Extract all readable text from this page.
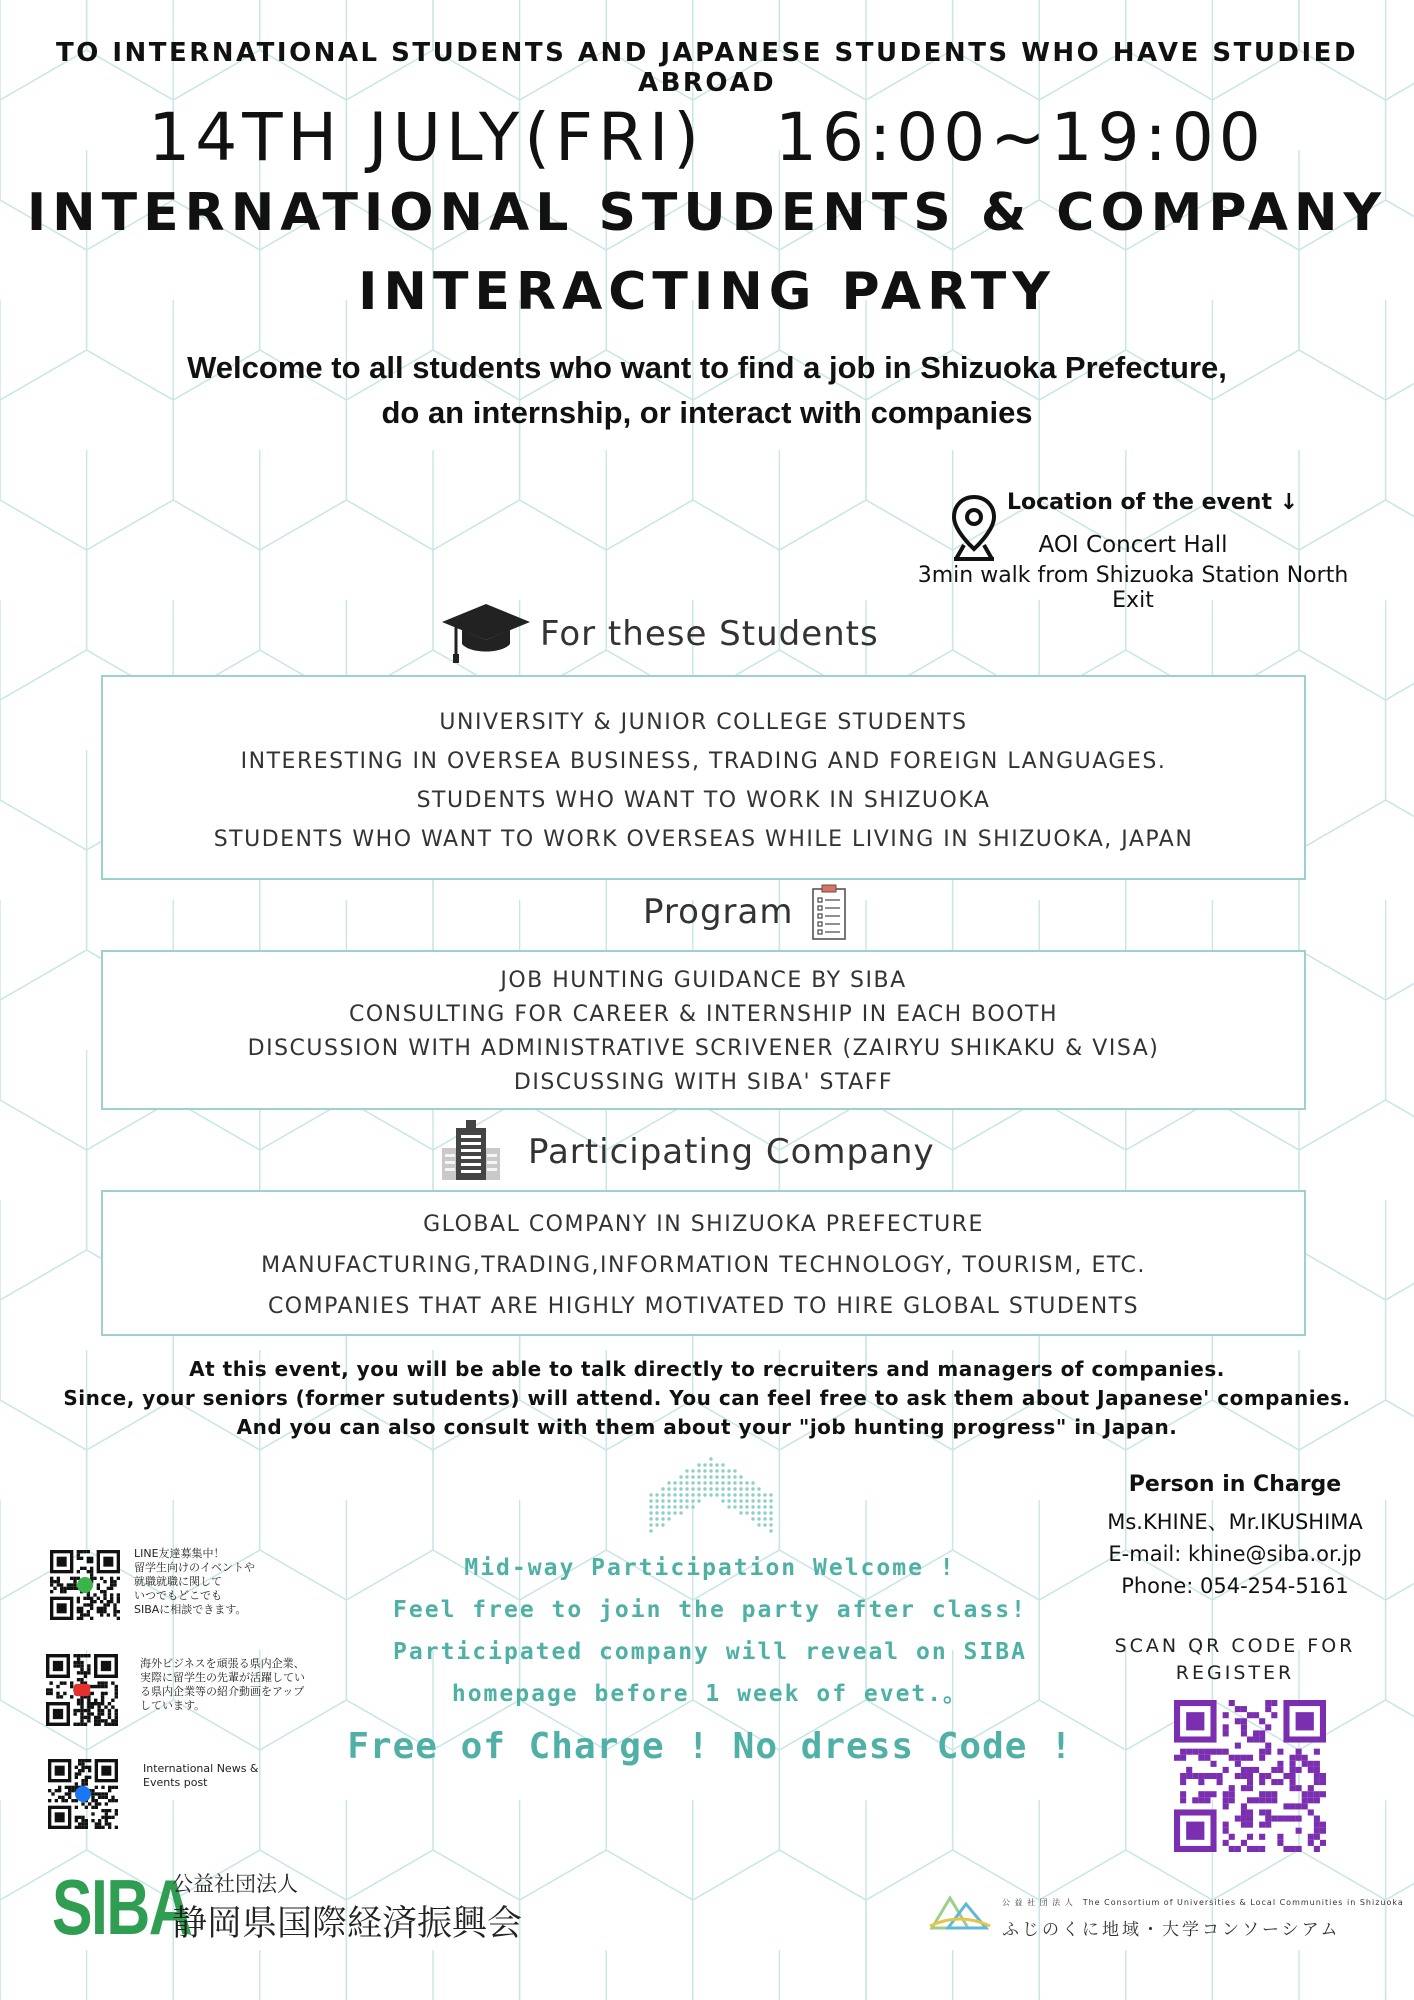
TO INTERNATIONAL STUDENTS AND JAPANESE STUDENTS WHO HAVE STUDIED ABROAD
14TH JULY(FRI)　16:00~19:00
INTERNATIONAL STUDENTS & COMPANY
INTERACTING PARTY
Welcome to all students who want to find a job in Shizuoka Prefecture,
do an internship, or interact with companies
Location of the event ↓
AOI Concert Hall
3min walk from Shizuoka Station North Exit
For these Students
UNIVERSITY & JUNIOR COLLEGE STUDENTS
INTERESTING IN OVERSEA BUSINESS, TRADING AND FOREIGN LANGUAGES.
STUDENTS WHO WANT TO WORK IN SHIZUOKA
STUDENTS WHO WANT TO WORK OVERSEAS WHILE LIVING IN SHIZUOKA, JAPAN
Program
JOB HUNTING GUIDANCE BY SIBA
CONSULTING FOR CAREER & INTERNSHIP IN EACH BOOTH
DISCUSSION WITH ADMINISTRATIVE SCRIVENER (ZAIRYU SHIKAKU & VISA)
DISCUSSING WITH SIBA' STAFF
Participating Company
GLOBAL COMPANY IN SHIZUOKA PREFECTURE
MANUFACTURING,TRADING,INFORMATION TECHNOLOGY, TOURISM, ETC.
COMPANIES THAT ARE HIGHLY MOTIVATED TO HIRE GLOBAL STUDENTS
At this event, you will be able to talk directly to recruiters and managers of companies.
Since, your seniors (former sutudents) will attend. You can feel free to ask them about Japanese' companies.
And you can also consult with them about your "job hunting progress" in Japan.
Mid-way Participation Welcome !
Feel free to join the party after class!
Participated company will reveal on SIBA
homepage before 1 week of evet.。
Free of Charge ! No dress Code !
Person in Charge
Ms.KHINE、Mr.IKUSHIMA
E-mail: khine@siba.or.jp
Phone: 054-254-5161
SCAN QR CODE FOR
REGISTER
LINE友達募集中！
留学生向けのイベントや
就職就職に関して
いつでもどこでも
SIBAに相談できます。
海外ビジネスを頑張る県内企業、
実際に留学生の先輩が活躍してい
る県内企業等の紹介動画をアップ
しています。
International News &
Events post
SIBA
公益社団法人
静岡県国際経済振興会
公 益 社 団 法 人　The Consortium of Universities & Local Communities in Shizuoka
ふじのくに地域・大学コンソーシアム
